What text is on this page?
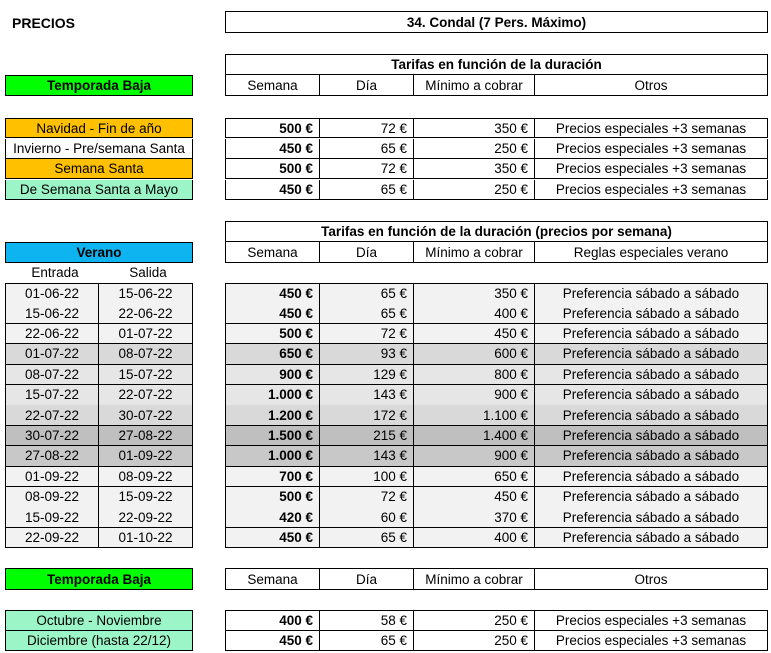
PRECIOS	34. Condal (7 Pers. Máximo)
Tarifas en función de la duración
Semana	Día	Mínimo a cobrar	Otros
Temporada Baja
Navidad - Fin de año	500 €	72 €	350 €	Precios especiales +3 semanas
Invierno - Pre/semana Santa	450 €	65 €	250 €	Precios especiales +3 semanas
Semana Santa	500 €	72 €	350 €	Precios especiales +3 semanas
De Semana Santa a Mayo	450 €	65 €	250 €	Precios especiales +3 semanas
Tarifas en función de la duración (precios por semana)
Semana	Día	Mínimo a cobrar	Reglas especiales verano
Verano
Entrada	Salida
01-06-22	15-06-22	450 €	65 €	350 €	Preferencia sábado a sábado
15-06-22	22-06-22	450 €	65 €	400 €	Preferencia sábado a sábado
22-06-22	01-07-22	500 €	72 €	450 €	Preferencia sábado a sábado
01-07-22	08-07-22	650 €	93 €	600 €	Preferencia sábado a sábado
08-07-22	15-07-22	900 €	129 €	800 €	Preferencia sábado a sábado
15-07-22	22-07-22	1.000 €	143 €	900 €	Preferencia sábado a sábado
22-07-22	30-07-22	1.200 €	172 €	1.100 €	Preferencia sábado a sábado
30-07-22	27-08-22	1.500 €	215 €	1.400 €	Preferencia sábado a sábado
27-08-22	01-09-22	1.000 €	143 €	900 €	Preferencia sábado a sábado
01-09-22	08-09-22	700 €	100 €	650 €	Preferencia sábado a sábado
08-09-22	15-09-22	500 €	72 €	450 €	Preferencia sábado a sábado
15-09-22	22-09-22	420 €	60 €	370 €	Preferencia sábado a sábado
22-09-22	01-10-22	450 €	65 €	400 €	Preferencia sábado a sábado
Semana	Día	Mínimo a cobrar	Otros
Temporada Baja
Octubre - Noviembre	400 €	58 €	250 €	Precios especiales +3 semanas
Diciembre (hasta 22/12)	450 €	65 €	250 €	Precios especiales +3 semanas
